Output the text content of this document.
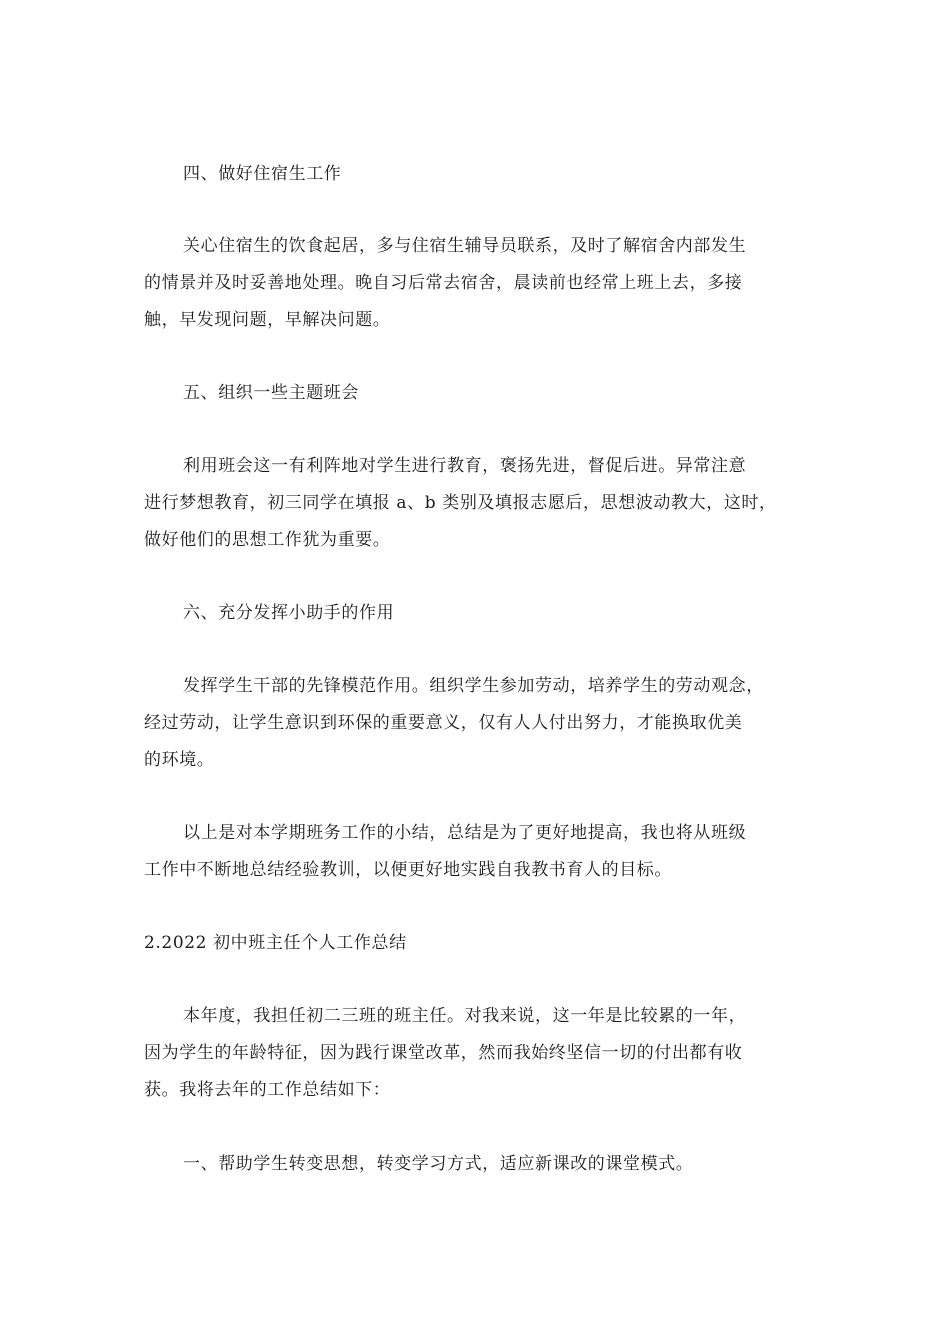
四、做好住宿生工作
关心住宿生的饮食起居，多与住宿生辅导员联系，及时了解宿舍内部发生
的情景并及时妥善地处理。晚自习后常去宿舍，晨读前也经常上班上去，多接
触，早发现问题，早解决问题。
五、组织一些主题班会
利用班会这一有利阵地对学生进行教育，褒扬先进，督促后进。异常注意
进行梦想教育，初三同学在填报 a、b 类别及填报志愿后，思想波动教大，这时，
做好他们的思想工作犹为重要。
六、充分发挥小助手的作用
发挥学生干部的先锋模范作用。组织学生参加劳动，培养学生的劳动观念，
经过劳动，让学生意识到环保的重要意义，仅有人人付出努力，才能换取优美
的环境。
以上是对本学期班务工作的小结，总结是为了更好地提高，我也将从班级
工作中不断地总结经验教训，以便更好地实践自我教书育人的目标。
2.2022 初中班主任个人工作总结
本年度，我担任初二三班的班主任。对我来说，这一年是比较累的一年，
因为学生的年龄特征，因为践行课堂改革，然而我始终坚信一切的付出都有收
获。我将去年的工作总结如下：
一、帮助学生转变思想，转变学习方式，适应新课改的课堂模式。
